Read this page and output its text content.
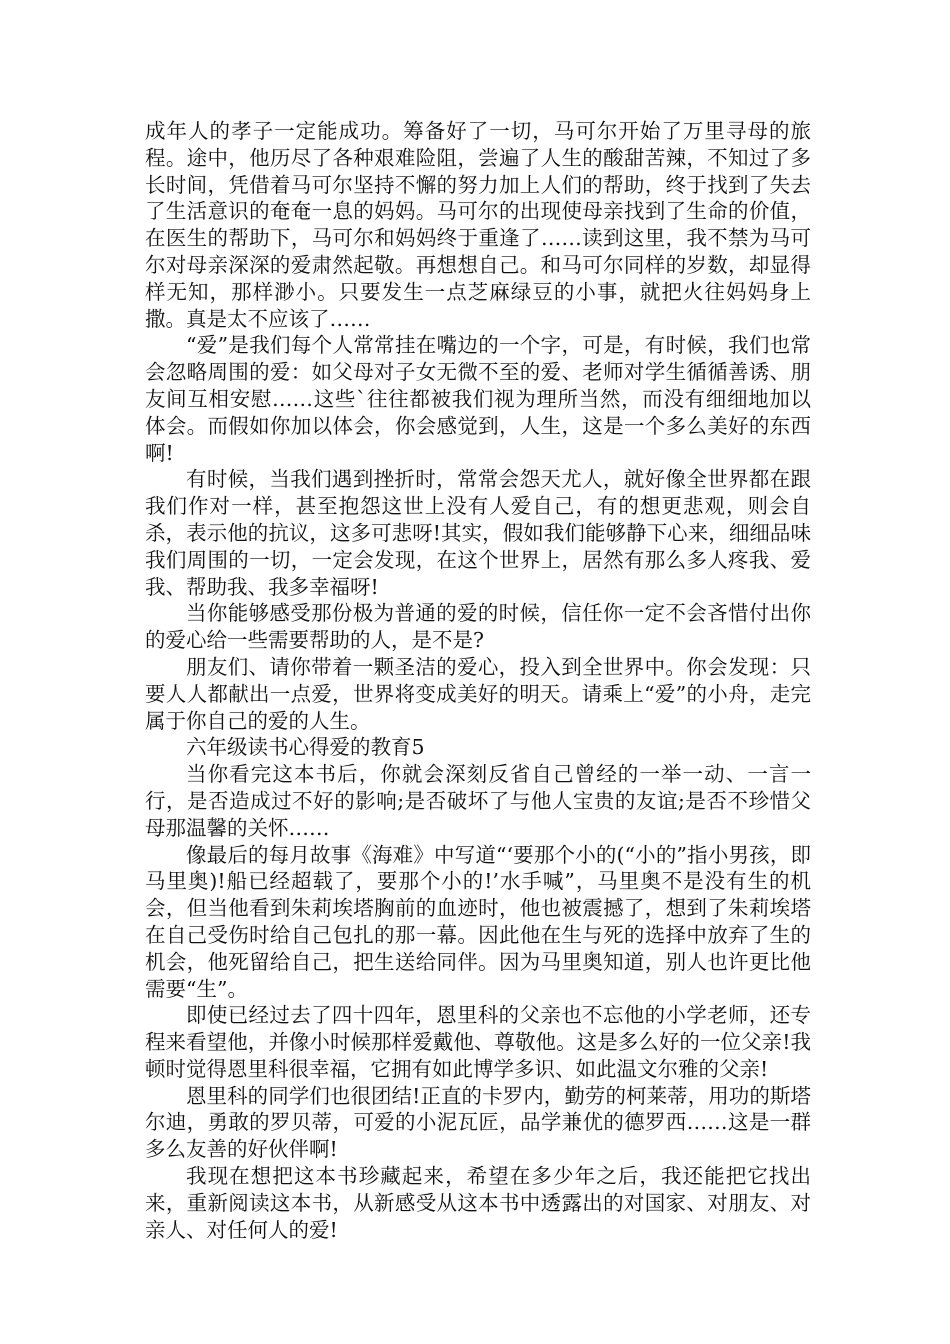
成年人的孝子一定能成功。筹备好了一切，马可尔开始了万里寻母的旅程。途中，他历尽了各种艰难险阻，尝遍了人生的酸甜苦辣，不知过了多长时间，凭借着马可尔坚持不懈的努力加上人们的帮助，终于找到了失去了生活意识的奄奄一息的妈妈。马可尔的出现使母亲找到了生命的价值，在医生的帮助下，马可尔和妈妈终于重逢了……读到这里，我不禁为马可尔对母亲深深的爱肃然起敬。再想想自己。和马可尔同样的岁数，却显得样无知，那样渺小。只要发生一点芝麻绿豆的小事，就把火往妈妈身上撒。真是太不应该了……

“爱”是我们每个人常常挂在嘴边的一个字，可是，有时候，我们也常会忽略周围的爱：如父母对子女无微不至的爱、老师对学生循循善诱、朋友间互相安慰……这些`往往都被我们视为理所当然，而没有细细地加以体会。而假如你加以体会，你会感觉到，人生，这是一个多么美好的东西啊!

有时候，当我们遇到挫折时，常常会怨天尤人，就好像全世界都在跟我们作对一样，甚至抱怨这世上没有人爱自己，有的想更悲观，则会自杀，表示他的抗议，这多可悲呀!其实，假如我们能够静下心来，细细品味我们周围的一切，一定会发现，在这个世界上，居然有那么多人疼我、爱我、帮助我、我多幸福呀!

当你能够感受那份极为普通的爱的时候，信任你一定不会吝惜付出你的爱心给一些需要帮助的人，是不是?

朋友们、请你带着一颗圣洁的爱心，投入到全世界中。你会发现：只要人人都献出一点爱，世界将变成美好的明天。请乘上“爱”的小舟，走完属于你自己的爱的人生。

六年级读书心得爱的教育5

当你看完这本书后，你就会深刻反省自己曾经的一举一动、一言一行，是否造成过不好的影响;是否破坏了与他人宝贵的友谊;是否不珍惜父母那温馨的关怀……

像最后的每月故事《海难》中写道“‘要那个小的(“小的”指小男孩，即马里奥)!船已经超载了，要那个小的!’水手喊”，马里奥不是没有生的机会，但当他看到朱莉埃塔胸前的血迹时，他也被震撼了，想到了朱莉埃塔在自己受伤时给自己包扎的那一幕。因此他在生与死的选择中放弃了生的机会，他死留给自己，把生送给同伴。因为马里奥知道，别人也许更比他需要“生”。

即使已经过去了四十四年，恩里科的父亲也不忘他的小学老师，还专程来看望他，并像小时候那样爱戴他、尊敬他。这是多么好的一位父亲!我顿时觉得恩里科很幸福，它拥有如此博学多识、如此温文尔雅的父亲!

恩里科的同学们也很团结!正直的卡罗内，勤劳的柯莱蒂，用功的斯塔尔迪，勇敢的罗贝蒂，可爱的小泥瓦匠，品学兼优的德罗西……这是一群多么友善的好伙伴啊!

我现在想把这本书珍藏起来，希望在多少年之后，我还能把它找出来，重新阅读这本书，从新感受从这本书中透露出的对国家、对朋友、对亲人、对任何人的爱!
